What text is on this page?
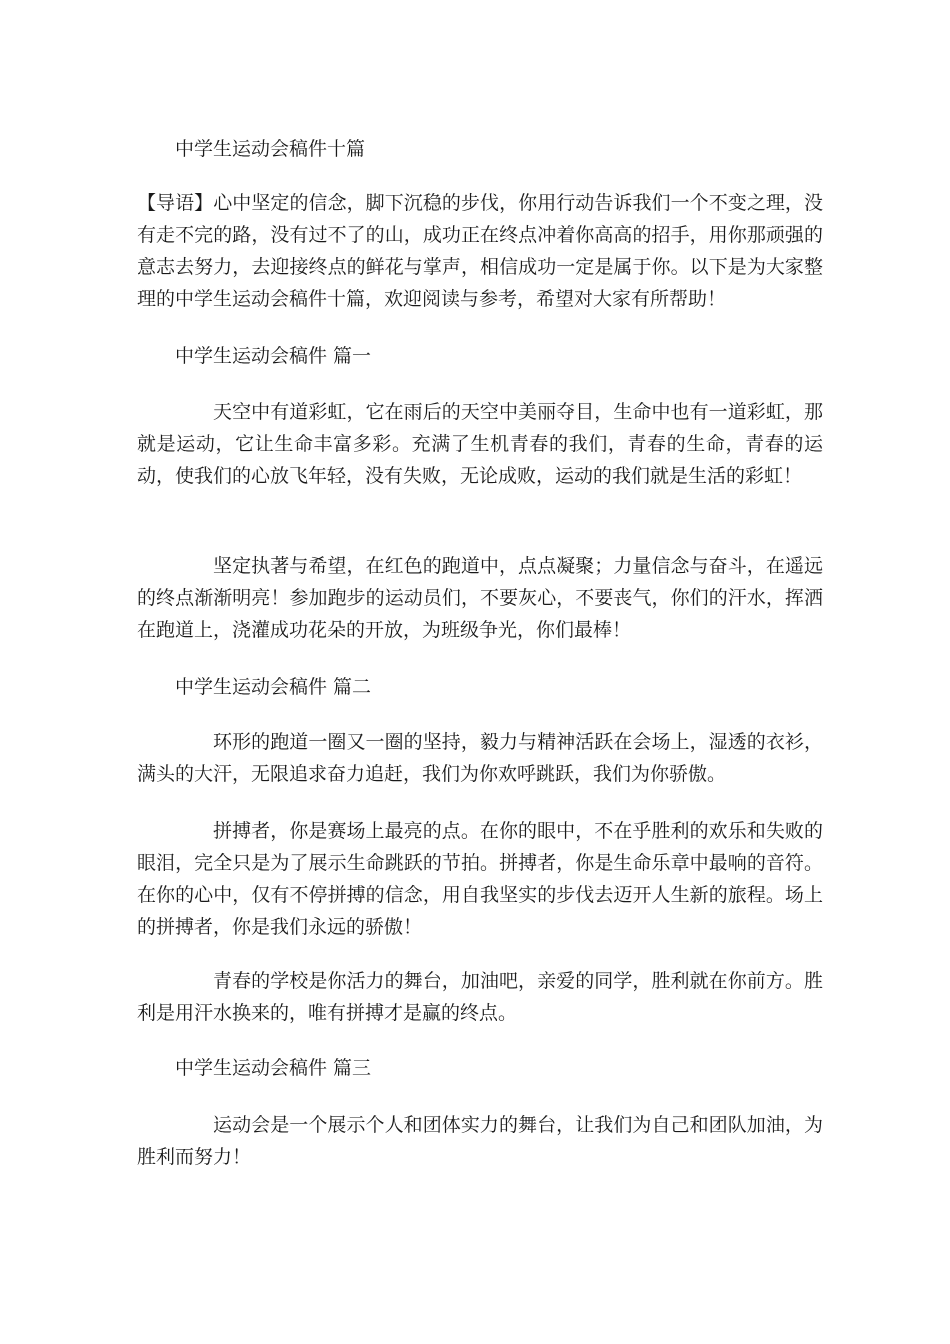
中学生运动会稿件十篇

【导语】心中坚定的信念，脚下沉稳的步伐，你用行动告诉我们一个不变之理，没有走不完的路，没有过不了的山，成功正在终点冲着你高高的招手，用你那顽强的意志去努力，去迎接终点的鲜花与掌声，相信成功一定是属于你。以下是为大家整理的中学生运动会稿件十篇，欢迎阅读与参考，希望对大家有所帮助！

中学生运动会稿件 篇一

天空中有道彩虹，它在雨后的天空中美丽夺目，生命中也有一道彩虹，那就是运动，它让生命丰富多彩。充满了生机青春的我们，青春的生命，青春的运动，使我们的心放飞年轻，没有失败，无论成败，运动的我们就是生活的彩虹！

坚定执著与希望，在红色的跑道中，点点凝聚；力量信念与奋斗，在遥远的终点渐渐明亮！参加跑步的运动员们，不要灰心，不要丧气，你们的汗水，挥洒在跑道上，浇灌成功花朵的开放，为班级争光，你们最棒！

中学生运动会稿件 篇二

环形的跑道一圈又一圈的坚持，毅力与精神活跃在会场上，湿透的衣衫，满头的大汗，无限追求奋力追赶，我们为你欢呼跳跃，我们为你骄傲。

拼搏者，你是赛场上最亮的点。在你的眼中，不在乎胜利的欢乐和失败的眼泪，完全只是为了展示生命跳跃的节拍。拼搏者，你是生命乐章中最响的音符。在你的心中，仅有不停拼搏的信念，用自我坚实的步伐去迈开人生新的旅程。场上的拼搏者，你是我们永远的骄傲！

青春的学校是你活力的舞台，加油吧，亲爱的同学，胜利就在你前方。胜利是用汗水换来的，唯有拼搏才是赢的终点。

中学生运动会稿件 篇三

运动会是一个展示个人和团体实力的舞台，让我们为自己和团队加油，为胜利而努力！
